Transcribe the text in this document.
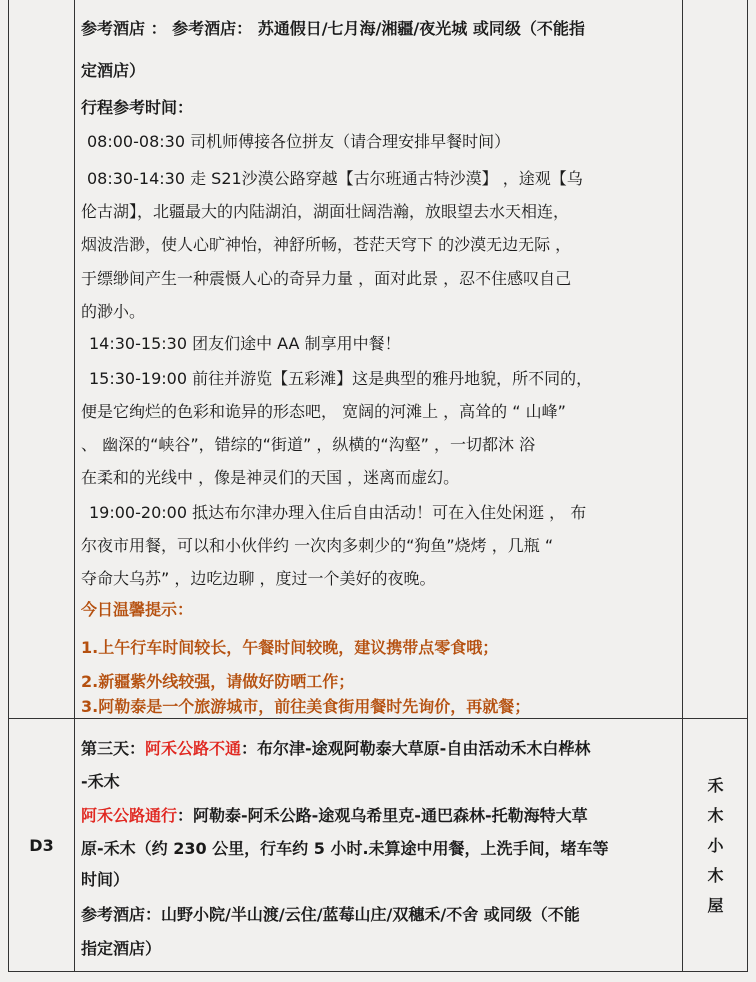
参考酒店 ： 参考酒店： 苏通假日/七月海/湘疆/夜光城 或同级（不能指
定酒店）
行程参考时间：
08:00-08:30 司机师傅接各位拼友（请合理安排早餐时间）
08:30-14:30 走 S21沙漠公路穿越【古尔班通古特沙漠】 ，途观【乌
伦古湖】，北疆最大的内陆湖泊，湖面壮阔浩瀚，放眼望去水天相连，
烟波浩渺，使人心旷神怡，神舒所畅，苍茫天穹下 的沙漠无边无际 ，
于缥缈间产生一种震慑人心的奇异力量 ，面对此景 ，忍不住感叹自己
的渺小。
14:30-15:30 团友们途中 AA 制享用中餐！
15:30-19:00 前往并游览【五彩滩】这是典型的雅丹地貌，所不同的，
便是它绚烂的色彩和诡异的形态吧， 宽阔的河滩上 ，高耸的 “ 山峰”
、 幽深的“峡谷”，错综的“街道” ，纵横的“沟壑” ，一切都沐 浴
在柔和的光线中 ，像是神灵们的天国 ，迷离而虚幻。
19:00-20:00 抵达布尔津办理入住后自由活动！可在入住处闲逛 ， 布
尔夜市用餐，可以和小伙伴约 一次肉多刺少的“狗鱼”烧烤 ，几瓶 “
夺命大乌苏” ，边吃边聊 ，度过一个美好的夜晚。
今日温馨提示：
1.上午行车时间较长，午餐时间较晚，建议携带点零食哦；
2.新疆紫外线较强，请做好防晒工作；
3.阿勒泰是一个旅游城市，前往美食街用餐时先询价，再就餐；
D3
第三天：阿禾公路不通：布尔津-途观阿勒泰大草原-自由活动禾木白桦林
-禾木
阿禾公路通行：阿勒泰-阿禾公路-途观乌希里克-通巴森林-托勒海特大草
原-禾木（约 230 公里，行车约 5 小时.未算途中用餐，上洗手间，堵车等
时间）
参考酒店：山野小院/半山渡/云住/蓝莓山庄/双穗禾/不舍 或同级（不能
指定酒店）
禾木小木屋
